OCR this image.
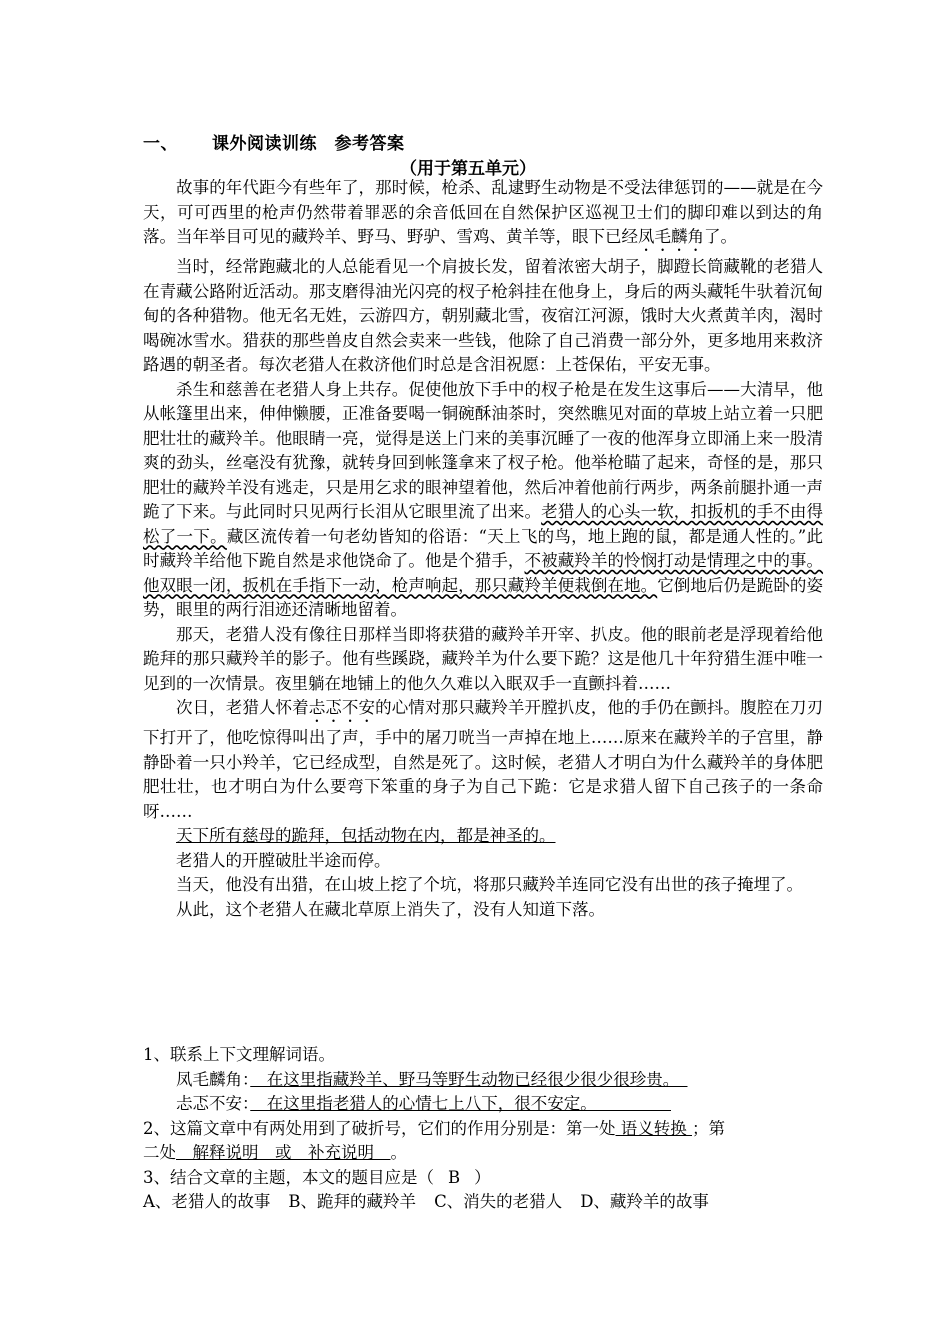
一、 课外阅读训练　参考答案
（用于第五单元）

故事的年代距今有些年了，那时候，枪杀、乱逮野生动物是不受法律惩罚的——就是在今天，可可西里的枪声仍然带着罪恶的余音低回在自然保护区巡视卫士们的脚印难以到达的角落。当年举目可见的藏羚羊、野马、野驴、雪鸡、黄羊等，眼下已经凤毛麟角了。

当时，经常跑藏北的人总能看见一个肩披长发，留着浓密大胡子，脚蹬长筒藏靴的老猎人在青藏公路附近活动。那支磨得油光闪亮的杈子枪斜挂在他身上，身后的两头藏牦牛驮着沉甸甸的各种猎物。他无名无姓，云游四方，朝别藏北雪，夜宿江河源，饿时大火煮黄羊肉，渴时喝碗冰雪水。猎获的那些兽皮自然会卖来一些钱，他除了自己消费一部分外，更多地用来救济路遇的朝圣者。每次老猎人在救济他们时总是含泪祝愿：上苍保佑，平安无事。

杀生和慈善在老猎人身上共存。促使他放下手中的杈子枪是在发生这事后——大清早，他从帐篷里出来，伸伸懒腰，正准备要喝一铜碗酥油茶时，突然瞧见对面的草坡上站立着一只肥肥壮壮的藏羚羊。他眼睛一亮，觉得是送上门来的美事沉睡了一夜的他浑身立即涌上来一股清爽的劲头，丝毫没有犹豫，就转身回到帐篷拿来了杈子枪。他举枪瞄了起来，奇怪的是，那只肥壮的藏羚羊没有逃走，只是用乞求的眼神望着他，然后冲着他前行两步，两条前腿扑通一声跪了下来。与此同时只见两行长泪从它眼里流了出来。老猎人的心头一软，扣扳机的手不由得松了一下。藏区流传着一句老幼皆知的俗语：“天上飞的鸟，地上跑的鼠，都是通人性的。”此时藏羚羊给他下跪自然是求他饶命了。他是个猎手，不被藏羚羊的怜悯打动是情理之中的事。他双眼一闭，扳机在手指下一动，枪声响起，那只藏羚羊便栽倒在地。它倒地后仍是跪卧的姿势，眼里的两行泪迹还清晰地留着。

那天，老猎人没有像往日那样当即将获猎的藏羚羊开宰、扒皮。他的眼前老是浮现着给他跪拜的那只藏羚羊的影子。他有些蹊跷，藏羚羊为什么要下跪？这是他几十年狩猎生涯中唯一见到的一次情景。夜里躺在地铺上的他久久难以入眠双手一直颤抖着……

次日，老猎人怀着忐忑不安的心情对那只藏羚羊开膛扒皮，他的手仍在颤抖。腹腔在刀刃下打开了，他吃惊得叫出了声，手中的屠刀咣当一声掉在地上……原来在藏羚羊的子宫里，静静卧着一只小羚羊，它已经成型，自然是死了。这时候，老猎人才明白为什么藏羚羊的身体肥肥壮壮，也才明白为什么要弯下笨重的身子为自己下跪：它是求猎人留下自己孩子的一条命呀……

天下所有慈母的跪拜，包括动物在内，都是神圣的。

老猎人的开膛破肚半途而停。

当天，他没有出猎，在山坡上挖了个坑，将那只藏羚羊连同它没有出世的孩子掩埋了。

从此，这个老猎人在藏北草原上消失了，没有人知道下落。

1、联系上下文理解词语。
凤毛麟角：　在这里指藏羚羊、野马等野生动物已经很少很少很珍贵。　
忐忑不安：　在这里指老猎人的心情七上八下，很不安定。　　　　　
2、这篇文章中有两处用到了破折号，它们的作用分别是：第一处 语义转换 ；第
二处　解释说明　或　补充说明　。
3、结合文章的主题，本文的题目应是（ B ）
A、老猎人的故事 B、跪拜的藏羚羊 C、消失的老猎人 D、藏羚羊的故事
